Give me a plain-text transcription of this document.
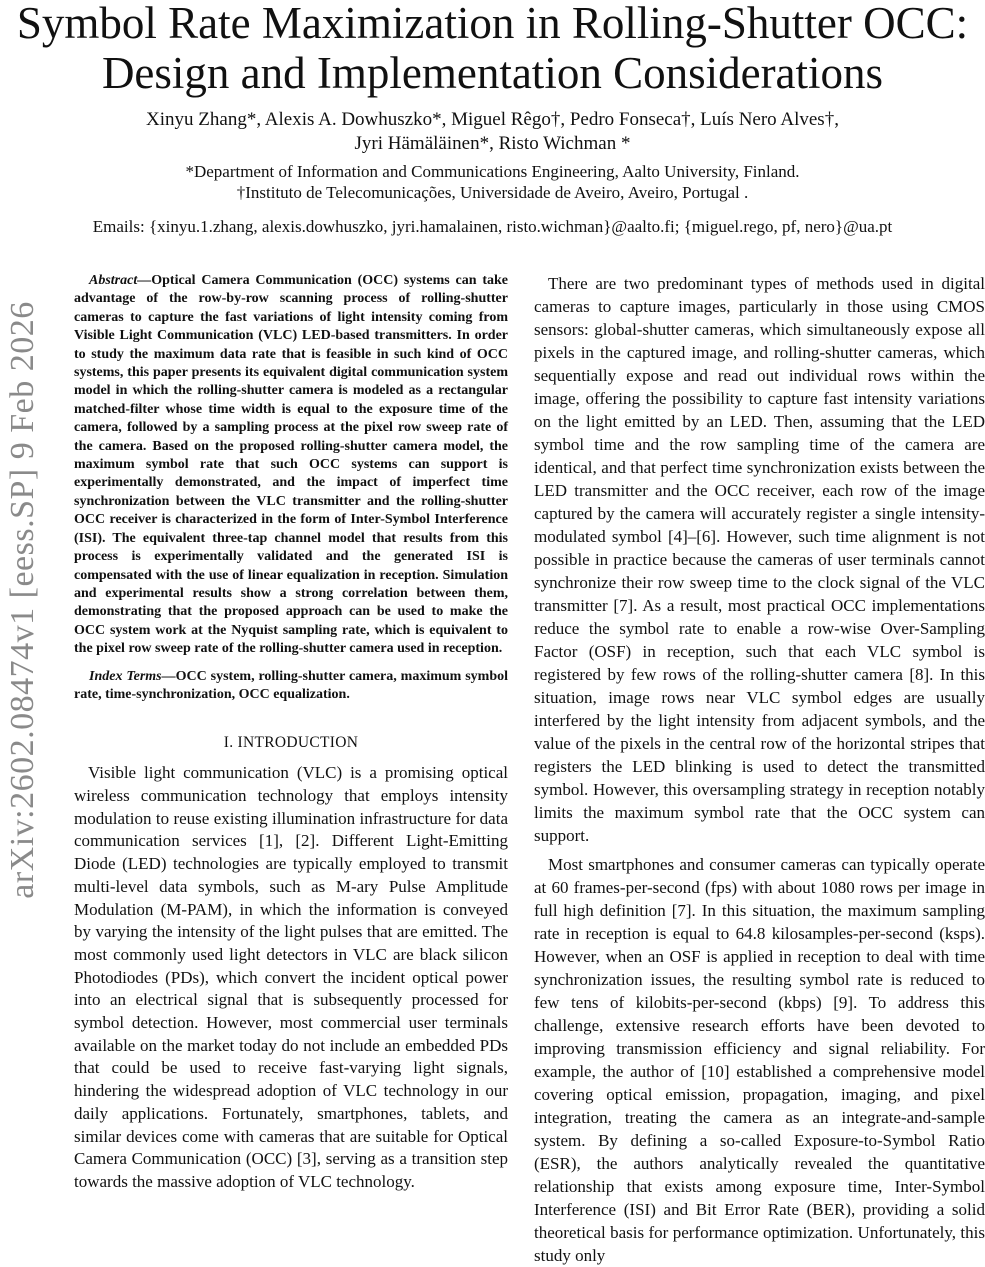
Symbol Rate Maximization in Rolling-Shutter OCC:
Design and Implementation Considerations
Xinyu Zhang*, Alexis A. Dowhuszko*, Miguel Rêgo†, Pedro Fonseca†, Luís Nero Alves†,
Jyri Hämäläinen*, Risto Wichman *
*Department of Information and Communications Engineering, Aalto University, Finland.
†Instituto de Telecomunicações, Universidade de Aveiro, Aveiro, Portugal .
Emails: {xinyu.1.zhang, alexis.dowhuszko, jyri.hamalainen, risto.wichman}@aalto.fi; {miguel.rego, pf, nero}@ua.pt
arXiv:2602.08474v1 [eess.SP] 9 Feb 2026

Abstract—Optical Camera Communication (OCC) systems can take advantage of the row-by-row scanning process of rolling-shutter cameras to capture the fast variations of light intensity coming from Visible Light Communication (VLC) LED-based transmitters. In order to study the maximum data rate that is feasible in such kind of OCC systems, this paper presents its equivalent digital communication system model in which the rolling-shutter camera is modeled as a rectangular matched-filter whose time width is equal to the exposure time of the camera, followed by a sampling process at the pixel row sweep rate of the camera. Based on the proposed rolling-shutter camera model, the maximum symbol rate that such OCC systems can support is experimentally demonstrated, and the impact of imperfect time synchronization between the VLC transmitter and the rolling-shutter OCC receiver is characterized in the form of Inter-Symbol Interference (ISI). The equivalent three-tap channel model that results from this process is experimentally validated and the generated ISI is compensated with the use of linear equalization in reception. Simulation and experimental results show a strong correlation between them, demonstrating that the proposed approach can be used to make the OCC system work at the Nyquist sampling rate, which is equivalent to the pixel row sweep rate of the rolling-shutter camera used in reception.

Index Terms—OCC system, rolling-shutter camera, maximum symbol rate, time-synchronization, OCC equalization.

I. INTRODUCTION

Visible light communication (VLC) is a promising optical wireless communication technology that employs intensity modulation to reuse existing illumination infrastructure for data communication services [1], [2]. Different Light-Emitting Diode (LED) technologies are typically employed to transmit multi-level data symbols, such as M-ary Pulse Amplitude Modulation (M-PAM), in which the information is conveyed by varying the intensity of the light pulses that are emitted. The most commonly used light detectors in VLC are black silicon Photodiodes (PDs), which convert the incident optical power into an electrical signal that is subsequently processed for symbol detection. However, most commercial user terminals available on the market today do not include an embedded PDs that could be used to receive fast-varying light signals, hindering the widespread adoption of VLC technology in our daily applications. Fortunately, smartphones, tablets, and similar devices come with cameras that are suitable for Optical Camera Communication (OCC) [3], serving as a transition step towards the massive adoption of VLC technology.

There are two predominant types of methods used in digital cameras to capture images, particularly in those using CMOS sensors: global-shutter cameras, which simultaneously expose all pixels in the captured image, and rolling-shutter cameras, which sequentially expose and read out individual rows within the image, offering the possibility to capture fast intensity variations on the light emitted by an LED. Then, assuming that the LED symbol time and the row sampling time of the camera are identical, and that perfect time synchronization exists between the LED transmitter and the OCC receiver, each row of the image captured by the camera will accurately register a single intensity-modulated symbol [4]–[6]. However, such time alignment is not possible in practice because the cameras of user terminals cannot synchronize their row sweep time to the clock signal of the VLC transmitter [7]. As a result, most practical OCC implementations reduce the symbol rate to enable a row-wise Over-Sampling Factor (OSF) in reception, such that each VLC symbol is registered by few rows of the rolling-shutter camera [8]. In this situation, image rows near VLC symbol edges are usually interfered by the light intensity from adjacent symbols, and the value of the pixels in the central row of the horizontal stripes that registers the LED blinking is used to detect the transmitted symbol. However, this oversampling strategy in reception notably limits the maximum symbol rate that the OCC system can support.

Most smartphones and consumer cameras can typically operate at 60 frames-per-second (fps) with about 1080 rows per image in full high definition [7]. In this situation, the maximum sampling rate in reception is equal to 64.8 kilosamples-per-second (ksps). However, when an OSF is applied in reception to deal with time synchronization issues, the resulting symbol rate is reduced to few tens of kilobits-per-second (kbps) [9]. To address this challenge, extensive research efforts have been devoted to improving transmission efficiency and signal reliability. For example, the author of [10] established a comprehensive model covering optical emission, propagation, imaging, and pixel integration, treating the camera as an integrate-and-sample system. By defining a so-called Exposure-to-Symbol Ratio (ESR), the authors analytically revealed the quantitative relationship that exists among exposure time, Inter-Symbol Interference (ISI) and Bit Error Rate (BER), providing a solid theoretical basis for performance optimization. Unfortunately, this study only
